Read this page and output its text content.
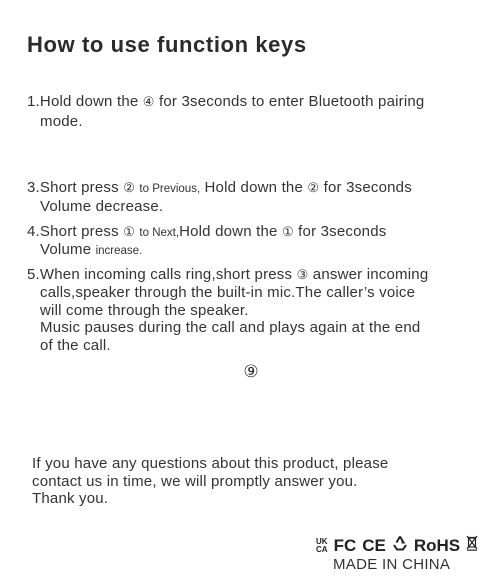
How to use function keys
1.Hold down the ④ for 3seconds to enter Bluetooth pairing
mode.
3.Short press ② to Previous, Hold down the ② for 3seconds
Volume decrease.
4.Short press ① to Next,Hold down the ① for 3seconds
Volume increase.
5.When incoming calls ring,short press ③ answer incoming
calls,speaker through the built-in mic.The caller’s voice
will come through the speaker.
Music pauses during the call and plays again at the end
of the call.
⑨
If you have any questions about this product, please
contact us in time, we will promptly answer you.
Thank you.
UK
CA FC CE RoHS
MADE IN CHINA
